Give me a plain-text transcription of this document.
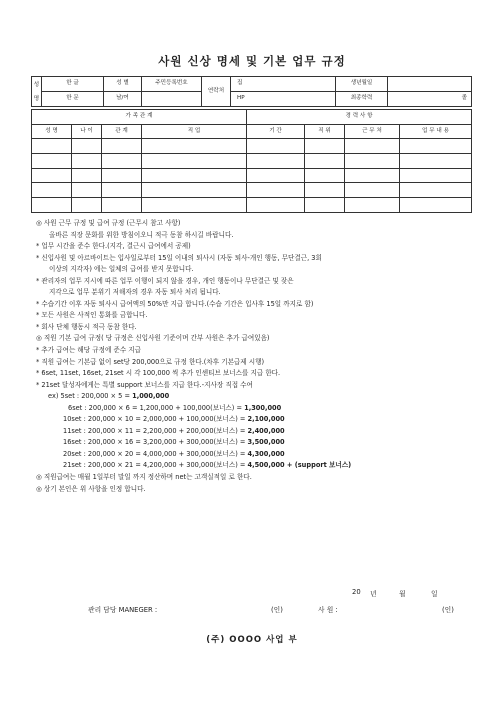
사원 신상 명세 및 기본 업무 규정
성
명	한 글	성 별	주민등록번호	연락처	집	생년월일	
	한 문	남/여			HP	최종학력	졸
가 족 관 계				경 력 사 항			
성 명	나 이	관 계	직 업	기 간	직 위	근 무 처	업 무 내 용

◎ 사원 근무 규정 및 급여 규정 (근무시 참고 사항)
올바른 직장 문화를 위한 방침이오니 적극 동참 하시길 바랍니다.
* 업무 시간을 준수 한다.(지각, 결근시 급여에서 공제)
* 신입사원 및 아르바이트는 입사일로부터 15일 이내의 퇴사시 (자동 퇴사-개인 행동, 무단결근, 3회
이상의 지각자) 에는 일체의 급여를 받지 못합니다.
* 관리자의 업무 지시에 따른 업무 이행이 되지 않을 경우, 개인 행동이나 무단결근 및 잦은
지각으로 업무 분위기 저해자의 경우 자동 퇴사 처리 됩니다.
* 수습기간 이후 자동 퇴사시 급여액의 50%만 지급 합니다.(수습 기간은 입사후 15일 까지로 함)
* 모든 사원은 사적인 통화를 금합니다.
* 회사 단체 행동시 적극 동참 한다.
◎ 직원 기본 급여 규정( 당 규정은 신입사원 기준이며 간부 사원은 추가 급여있음)
* 추가 급여는 해당 규정에 준수 지급
* 직원 급여는 기본급 없이 set당 200,000으로 규정 한다.(차후 기본급제 시행)
* 6set, 11set, 16set, 21set 시 각 100,000 씩 추가 인센티브 보너스를 지급 한다.
* 21set 달성자에게는 특별 support 보너스를 지급 한다.-지사장 직접 수여
ex) 5set : 200,000 × 5 = 1,000,000
6set : 200,000 × 6 = 1,200,000 + 100,000(보너스) = 1,300,000
10set : 200,000 × 10 = 2,000,000 + 100,000(보너스) = 2,100,000
11set : 200,000 × 11 = 2,200,000 + 200,000(보너스) = 2,400,000
16set : 200,000 × 16 = 3,200,000 + 300,000(보너스) = 3,500,000
20set : 200,000 × 20 = 4,000,000 + 300,000(보너스) = 4,300,000
21set : 200,000 × 21 = 4,200,000 + 300,000(보너스) = 4,500,000 + (support 보너스)
◎ 직원급여는 매월 1일부터 말일 까지 정산하며 net는 고객실적일 로 한다.
◎ 상기 본인은 위 사항을 인정 합니다.
20 년	월	일
관리 담당 MANEGER :	(인)	사 원 :	(인)
(주) OOOO 사업 부
